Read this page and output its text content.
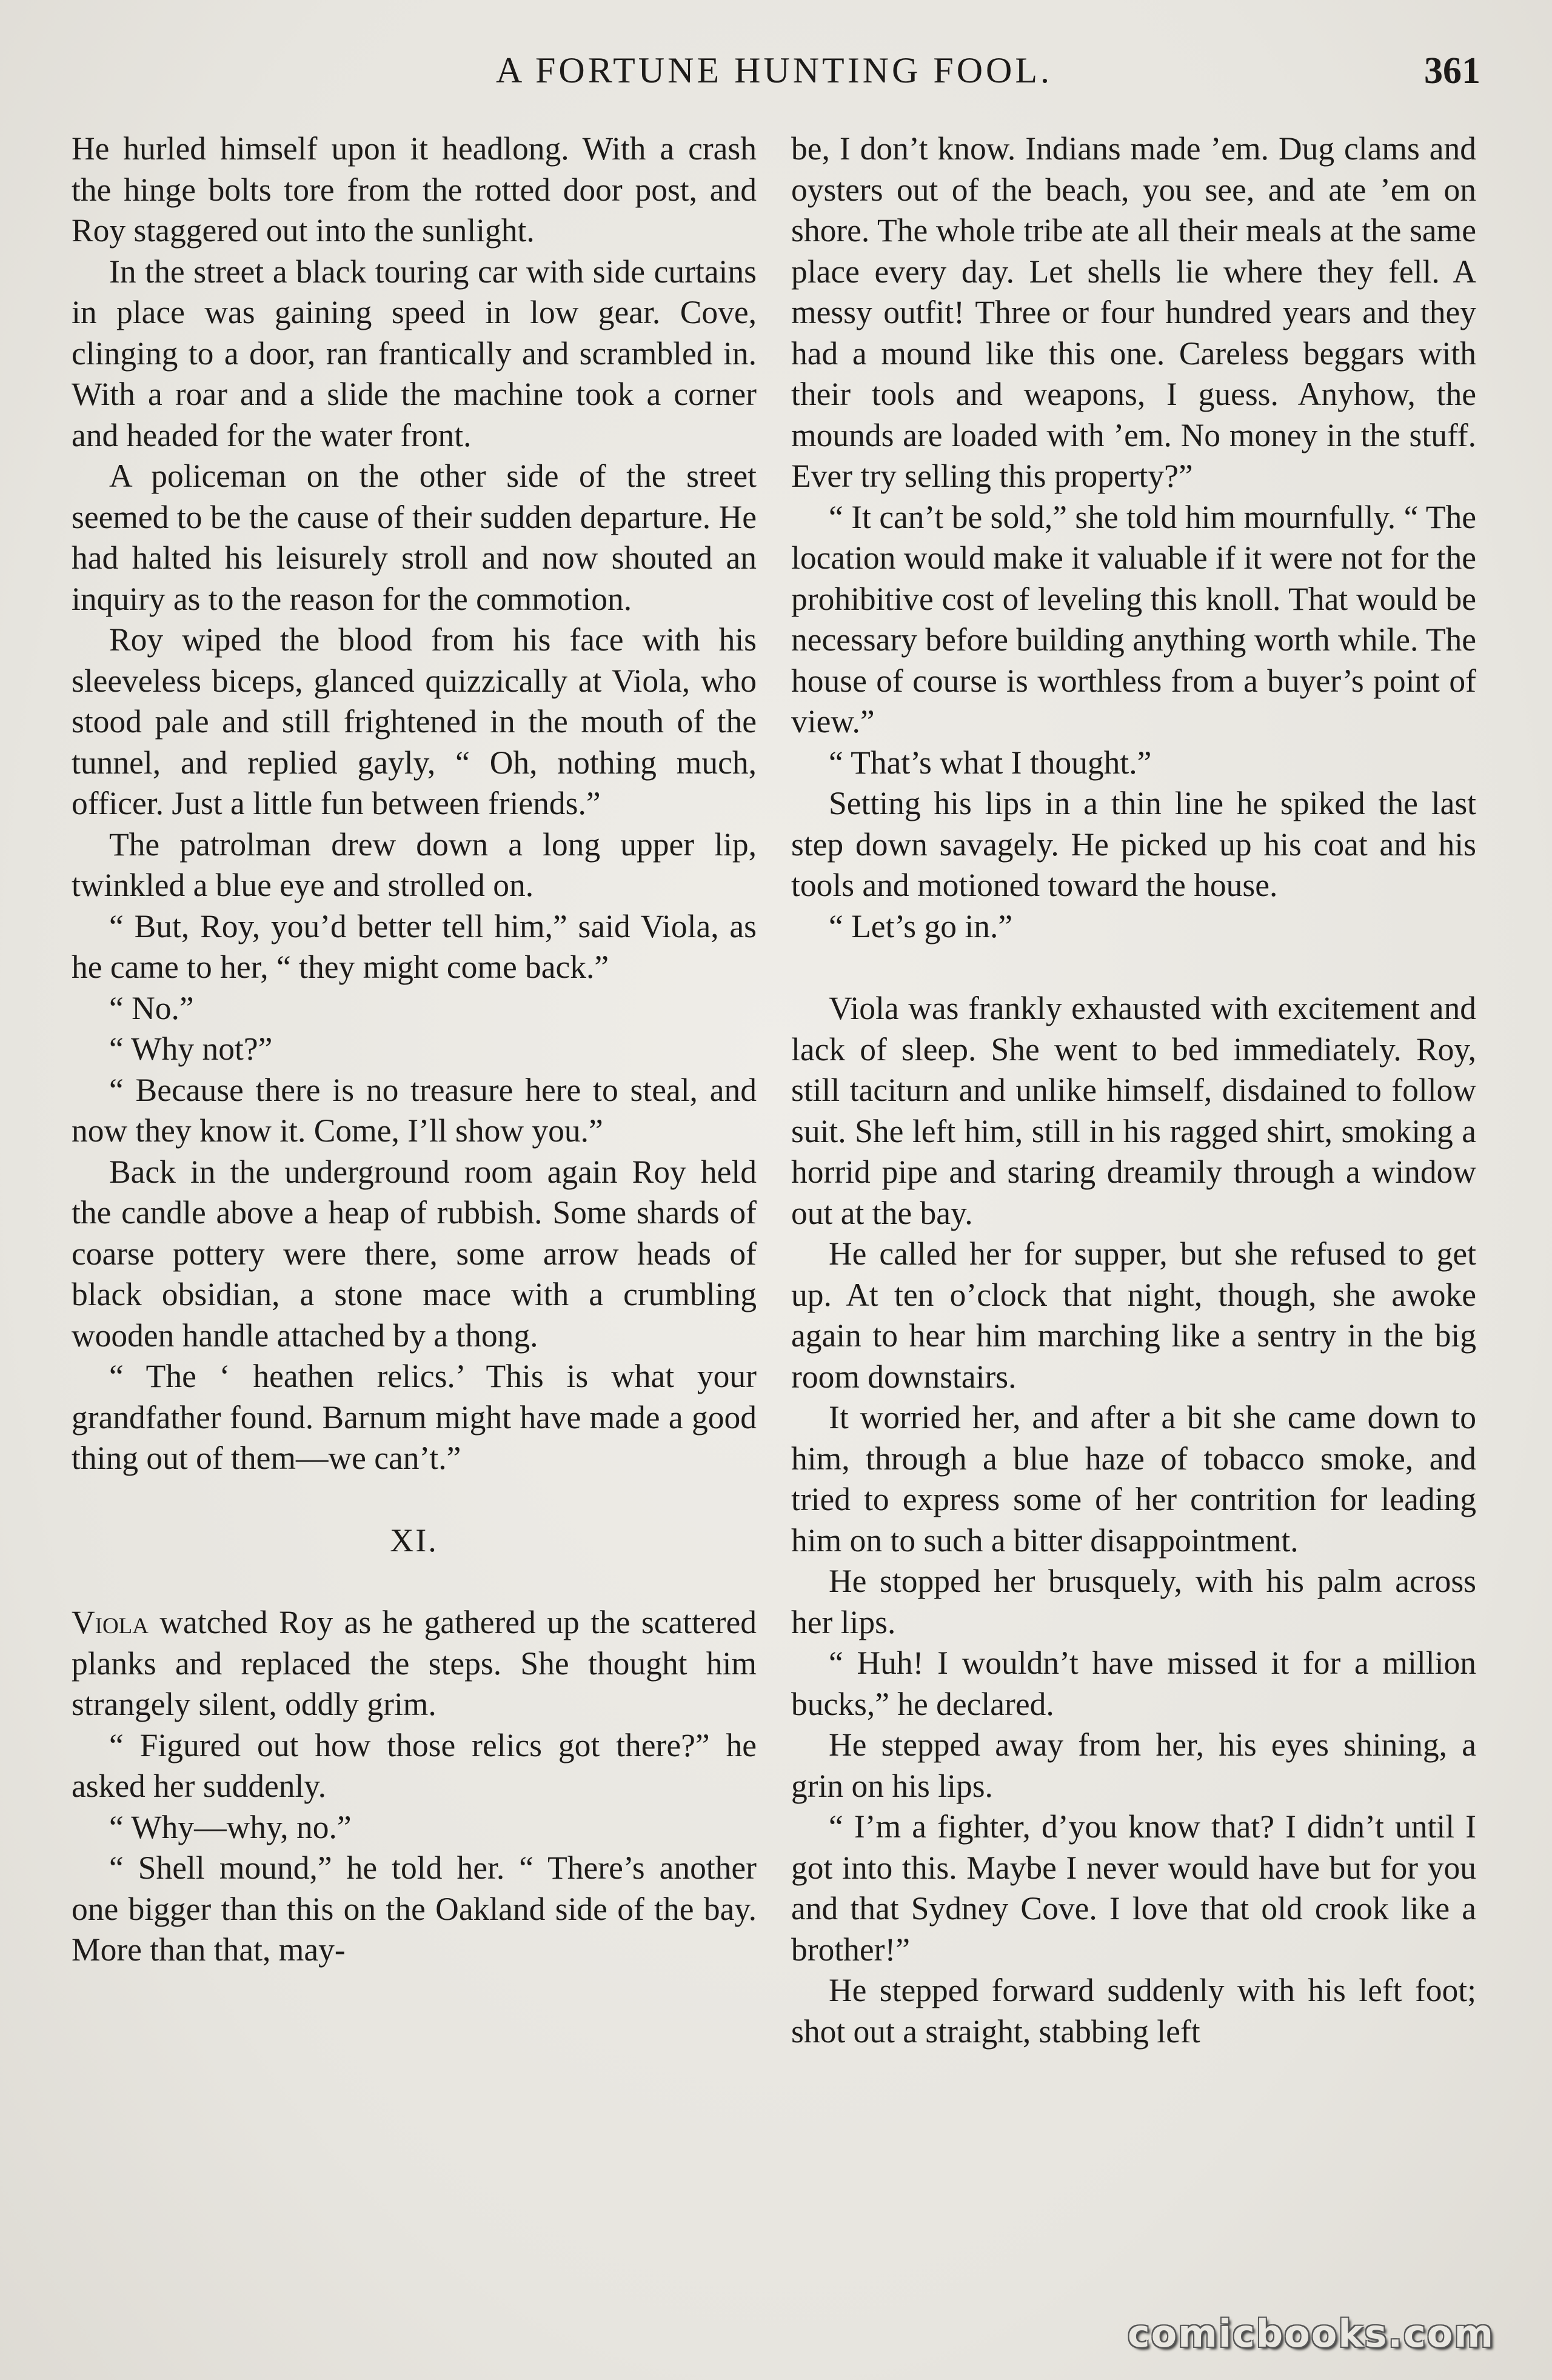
A FORTUNE HUNTING FOOL.	361

He hurled himself upon it headlong. With a crash the hinge bolts tore from the rotted door post, and Roy staggered out into the sunlight.

In the street a black touring car with side curtains in place was gaining speed in low gear. Cove, clinging to a door, ran frantically and scrambled in. With a roar and a slide the machine took a corner and headed for the water front.

A policeman on the other side of the street seemed to be the cause of their sudden departure. He had halted his leisurely stroll and now shouted an inquiry as to the reason for the commotion.

Roy wiped the blood from his face with his sleeveless biceps, glanced quizzically at Viola, who stood pale and still frightened in the mouth of the tunnel, and replied gayly, “ Oh, nothing much, officer. Just a little fun between friends.”

The patrolman drew down a long upper lip, twinkled a blue eye and strolled on.

“ But, Roy, you’d better tell him,” said Viola, as he came to her, “ they might come back.”

“ No.”

“ Why not?”

“ Because there is no treasure here to steal, and now they know it. Come, I’ll show you.”

Back in the underground room again Roy held the candle above a heap of rubbish. Some shards of coarse pottery were there, some arrow heads of black obsidian, a stone mace with a crumbling wooden handle attached by a thong.

“ The ‘ heathen relics.’ This is what your grandfather found. Barnum might have made a good thing out of them—we can’t.”

XI.

Viola watched Roy as he gathered up the scattered planks and replaced the steps. She thought him strangely silent, oddly grim.

“ Figured out how those relics got there?” he asked her suddenly.

“ Why—why, no.”

“ Shell mound,” he told her. “ There’s another one bigger than this on the Oakland side of the bay. More than that, may-

be, I don’t know. Indians made ’em. Dug clams and oysters out of the beach, you see, and ate ’em on shore. The whole tribe ate all their meals at the same place every day. Let shells lie where they fell. A messy outfit! Three or four hundred years and they had a mound like this one. Careless beggars with their tools and weapons, I guess. Anyhow, the mounds are loaded with ’em. No money in the stuff. Ever try selling this property?”

“ It can’t be sold,” she told him mournfully. “ The location would make it valuable if it were not for the prohibitive cost of leveling this knoll. That would be necessary before building anything worth while. The house of course is worthless from a buyer’s point of view.”

“ That’s what I thought.”

Setting his lips in a thin line he spiked the last step down savagely. He picked up his coat and his tools and motioned toward the house.

“ Let’s go in.”

Viola was frankly exhausted with excitement and lack of sleep. She went to bed immediately. Roy, still taciturn and unlike himself, disdained to follow suit. She left him, still in his ragged shirt, smoking a horrid pipe and staring dreamily through a window out at the bay.

He called her for supper, but she refused to get up. At ten o’clock that night, though, she awoke again to hear him marching like a sentry in the big room downstairs.

It worried her, and after a bit she came down to him, through a blue haze of tobacco smoke, and tried to express some of her contrition for leading him on to such a bitter disappointment.

He stopped her brusquely, with his palm across her lips.

“ Huh! I wouldn’t have missed it for a million bucks,” he declared.

He stepped away from her, his eyes shining, a grin on his lips.

“ I’m a fighter, d’you know that? I didn’t until I got into this. Maybe I never would have but for you and that Sydney Cove. I love that old crook like a brother!”

He stepped forward suddenly with his left foot; shot out a straight, stabbing left

comicbooks.com
